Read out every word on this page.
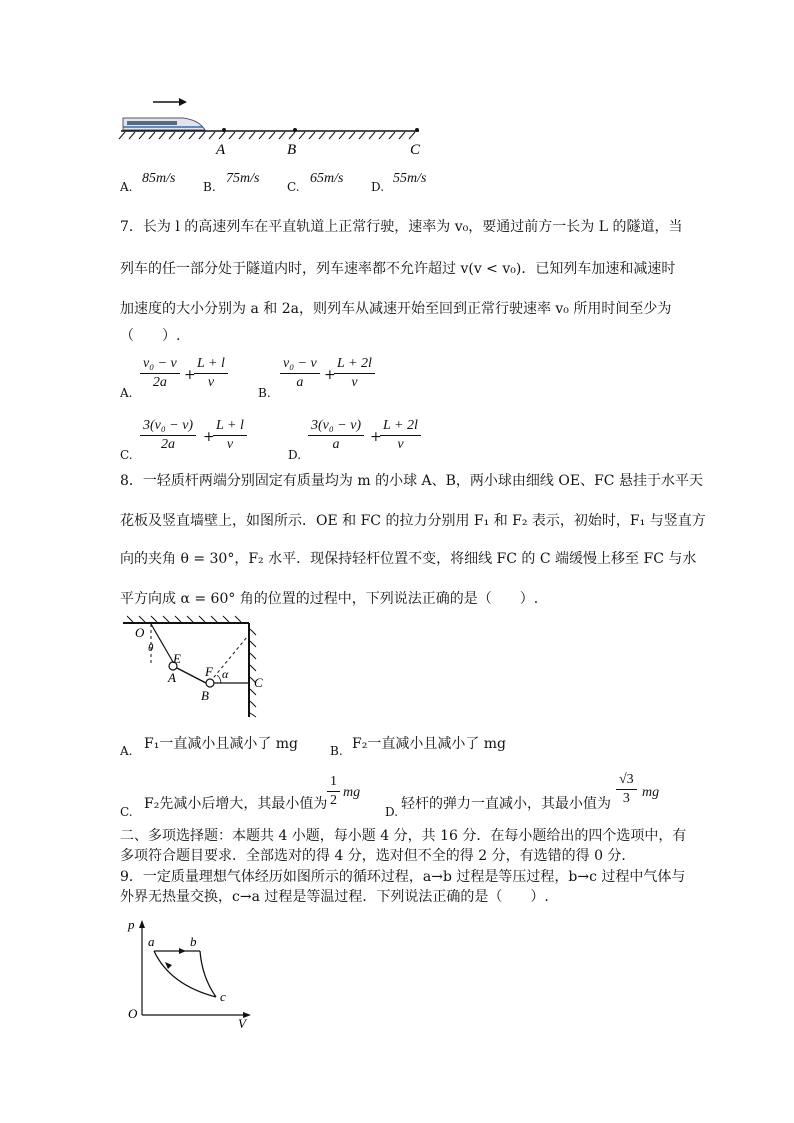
A	B	C
A.
85m/s
B.
75m/s
C.
65m/s
D.
55m/s
7．长为 l 的高速列车在平直轨道上正常行驶，速率为 v₀，要通过前方一长为 L 的隧道，当
列车的任一部分处于隧道内时，列车速率都不允许超过 v(v < v₀)．已知列车加速和减速时
加速度的大小分别为 a 和 2a，则列车从减速开始至回到正常行驶速率 v₀ 所用时间至少为
（　　）.
A.
$\frac{\text{v₀ − v}}{2a}$ +
$\frac{L + l}{v}$
B.
$\frac{\text{v₀ − v}}{a}$ +
$\frac{L + 2l}{v}$
C.
$\frac{\text{3(v₀ − v)}}{2a}$ +
$\frac{L + l}{v}$
D.
$\frac{\text{3(v₀ − v)}}{a}$ +
$\frac{L + 2l}{v}$
8．一轻质杆两端分别固定有质量均为 m 的小球 A、B，两小球由细线 OE、FC 悬挂于水平天
花板及竖直墙壁上，如图所示．OE 和 FC 的拉力分别用 F₁ 和 F₂ 表示，初始时，F₁ 与竖直方
向的夹角 θ = 30°，F₂ 水平．现保持轻杆位置不变，将细线 FC 的 C 端缓慢上移至 FC 与水
平方向成 α = 60° 角的位置的过程中，下列说法正确的是（　　）.
O
θ
E
A F α
B
C
A. F₁一直减小且减小了 mg	B. F₂一直减小且减小了 mg
C. F₂先减小后增大，其最小值为 $\frac{1}{2}$ mg
D. 轻杆的弹力一直减小，其最小值为 $\frac{√3}{3}$ mg
二、多项选择题：本题共 4 小题，每小题 4 分，共 16 分．在每小题给出的四个选项中，有
多项符合题目要求．全部选对的得 4 分，选对但不全的得 2 分，有选错的得 0 分．
9．一定质量理想气体经历如图所示的循环过程，a→b 过程是等压过程，b→c 过程中气体与
外界无热量交换，c→a 过程是等温过程．下列说法正确的是（　　）.
p
V
O
a	b
c
